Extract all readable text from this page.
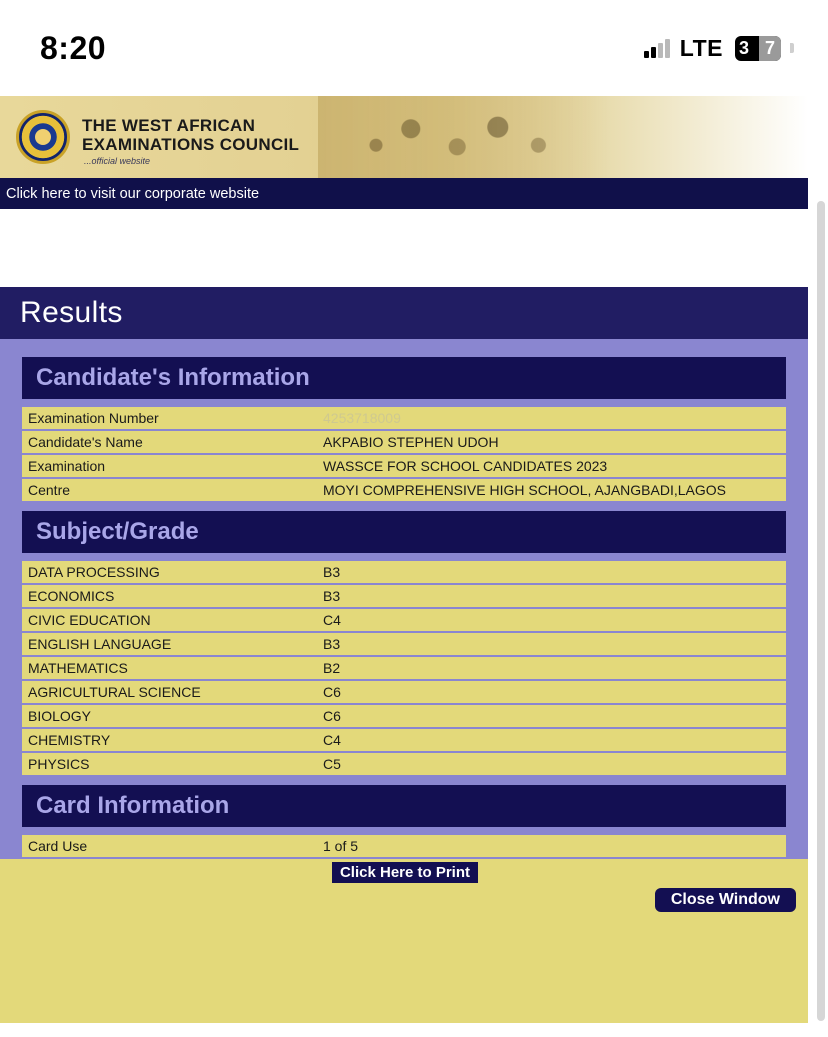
8:20	LTE 3 7
THE WEST AFRICAN
EXAMINATIONS COUNCIL
...official website
Click here to visit our corporate website
Results
Candidate's Information
Examination Number	4253718009
Candidate's Name	AKPABIO STEPHEN UDOH
Examination	WASSCE FOR SCHOOL CANDIDATES 2023
Centre	MOYI COMPREHENSIVE HIGH SCHOOL, AJANGBADI,LAGOS
Subject/Grade
DATA PROCESSING	B3
ECONOMICS	B3
CIVIC EDUCATION	C4
ENGLISH LANGUAGE	B3
MATHEMATICS	B2
AGRICULTURAL SCIENCE	C6
BIOLOGY	C6
CHEMISTRY	C4
PHYSICS	C5
Card Information
Card Use	1 of 5
Click Here to Print
Close Window
